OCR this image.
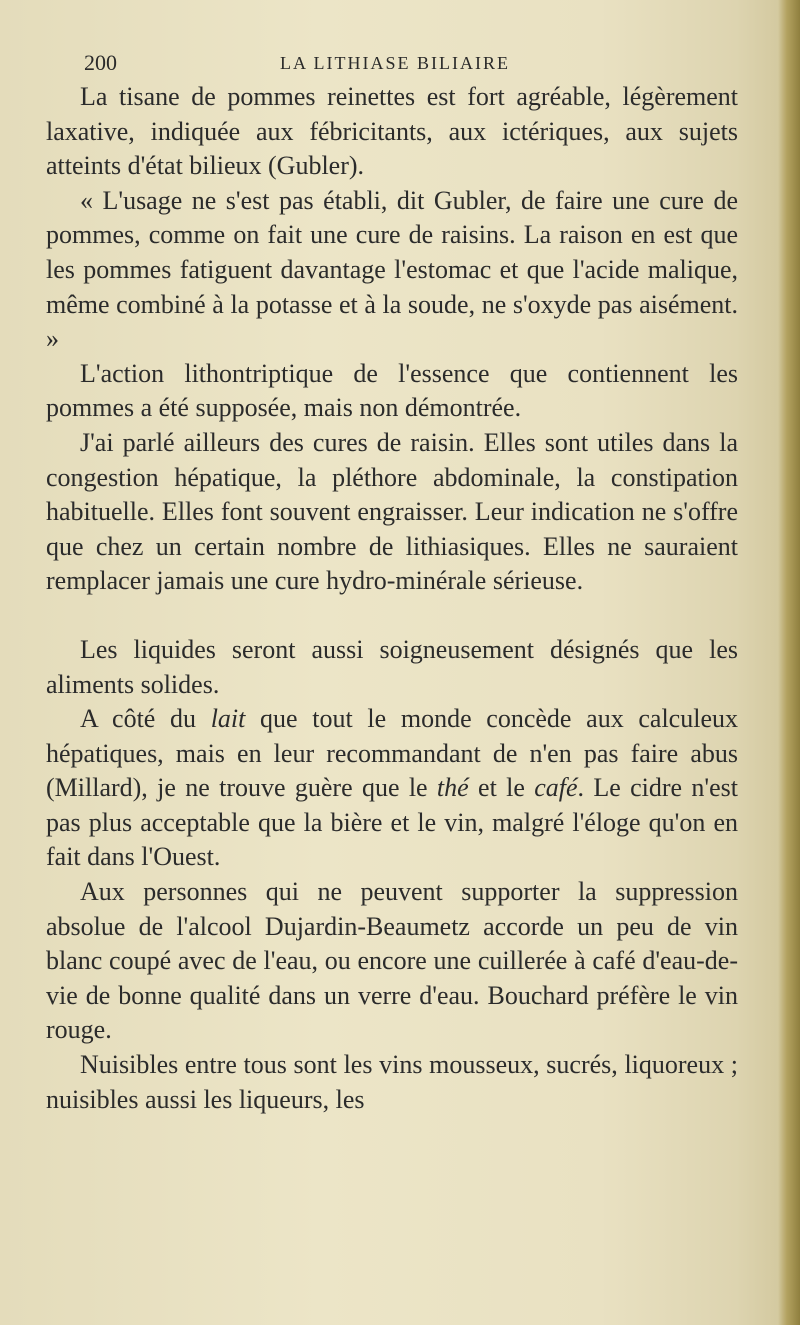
200	LA LITHIASE BILIAIRE

La tisane de pommes reinettes est fort agréable, légèrement laxative, indiquée aux fébricitants, aux ictériques, aux sujets atteints d'état bilieux (Gubler).

« L'usage ne s'est pas établi, dit Gubler, de faire une cure de pommes, comme on fait une cure de raisins. La raison en est que les pommes fatiguent davantage l'estomac et que l'acide malique, même combiné à la potasse et à la soude, ne s'oxyde pas aisément. »

L'action lithontriptique de l'essence que contiennent les pommes a été supposée, mais non démontrée.

J'ai parlé ailleurs des cures de raisin. Elles sont utiles dans la congestion hépatique, la pléthore abdominale, la constipation habituelle. Elles font souvent engraisser. Leur indication ne s'offre que chez un certain nombre de lithiasiques. Elles ne sauraient remplacer jamais une cure hydro-minérale sérieuse.

Les liquides seront aussi soigneusement désignés que les aliments solides.

A côté du lait que tout le monde concède aux calculeux hépatiques, mais en leur recommandant de n'en pas faire abus (Millard), je ne trouve guère que le thé et le café. Le cidre n'est pas plus acceptable que la bière et le vin, malgré l'éloge qu'on en fait dans l'Ouest.

Aux personnes qui ne peuvent supporter la suppression absolue de l'alcool Dujardin-Beaumetz accorde un peu de vin blanc coupé avec de l'eau, ou encore une cuillerée à café d'eau-de-vie de bonne qualité dans un verre d'eau. Bouchard préfère le vin rouge.

Nuisibles entre tous sont les vins mousseux, sucrés, liquoreux ; nuisibles aussi les liqueurs, les
